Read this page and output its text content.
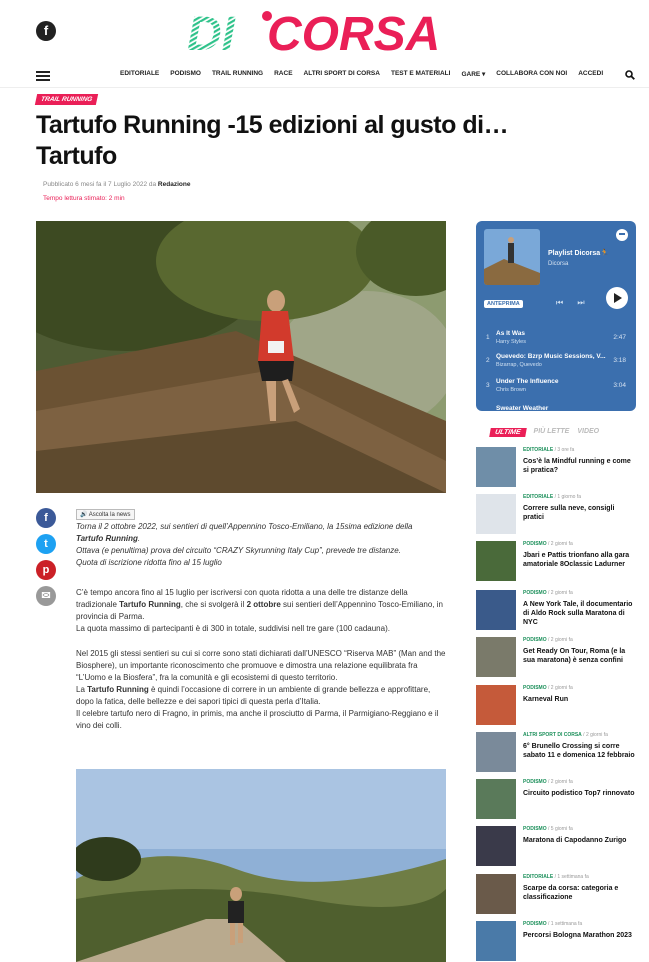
f	DI CORSA
EDITORIALE PODISMO TRAIL RUNNING RACE ALTRI SPORT DI CORSA TEST E MATERIALI GARE ▾ COLLABORA CON NOI ACCEDI
TRAIL RUNNING
Tartufo Running -15 edizioni al gusto di… Tartufo
Pubblicato 6 mesi fa il 7 Luglio 2022 da Redazione
Tempo lettura stimato: 2 min
f
t
p
✉
🔊 Ascolta la news
Torna il 2 ottobre 2022, sui sentieri di quell’Appennino Tosco-Emiliano, la 15sima edizione della
Tartufo Running.
Ottava (e penultima) prova del circuito “CRAZY Skyrunning Italy Cup”, prevede tre distanze.
Quota di iscrizione ridotta fino al 15 luglio
C’è tempo ancora fino al 15 luglio per iscriversi con quota ridotta a una delle tre distanze della tradizionale Tartufo Running, che si svolgerà il 2 ottobre sui sentieri dell’Appennino Tosco-Emiliano, in provincia di Parma.
La quota massimo di partecipanti è di 300 in totale, suddivisi nell tre gare (100 cadauna).
Nel 2015 gli stessi sentieri su cui si corre sono stati dichiarati dall’UNESCO “Riserva MAB” (Man and the Biosphere), un importante riconoscimento che promuove e dimostra una relazione equilibrata fra “L’Uomo e la Biosfera”, fra la comunità e gli ecosistemi di questo territorio.
La Tartufo Running è quindi l’occasione di correre in un ambiente di grande bellezza e approfittare, dopo la fatica, delle bellezze e dei sapori tipici di questa perla d’Italia.
Il celebre tartufo nero di Fragno, in primis, ma anche il prosciutto di Parma, il Parmigiano-Reggiano e il vino dei colli.
Playlist Dicorsa🏃
Dicorsa
ANTEPRIMA	⏮ ⏭
1
As It Was
Harry Styles
2:47
2
Quevedo: Bzrp Music Sessions, V...
Bizarrap, Quevedo
3:18
3
Under The Influence
Chris Brown
3:04
Sweater Weather
ULTIME	PIÙ LETTE VIDEO
EDITORIALE / 3 ore fa
Cos’è la Mindful running e come si pratica?
EDITORIALE / 1 giorno fa
Correre sulla neve, consigli pratici
PODISMO / 2 giorni fa
Jbari e Pattis trionfano alla gara amatoriale 8Oclassic Ladurner
PODISMO / 2 giorni fa
A New York Tale, il documentario di Aldo Rock sulla Maratona di NYC
PODISMO / 2 giorni fa
Get Ready On Tour, Roma (e la sua maratona) è senza confini
PODISMO / 2 giorni fa
Karneval Run
ALTRI SPORT DI CORSA / 2 giorni fa
6° Brunello Crossing si corre sabato 11 e domenica 12 febbraio
PODISMO / 2 giorni fa
Circuito podistico Top7 rinnovato
PODISMO / 5 giorni fa
Maratona di Capodanno Zurigo
EDITORIALE / 1 settimana fa
Scarpe da corsa: categoria e classificazione
PODISMO / 1 settimana fa
Percorsi Bologna Marathon 2023
